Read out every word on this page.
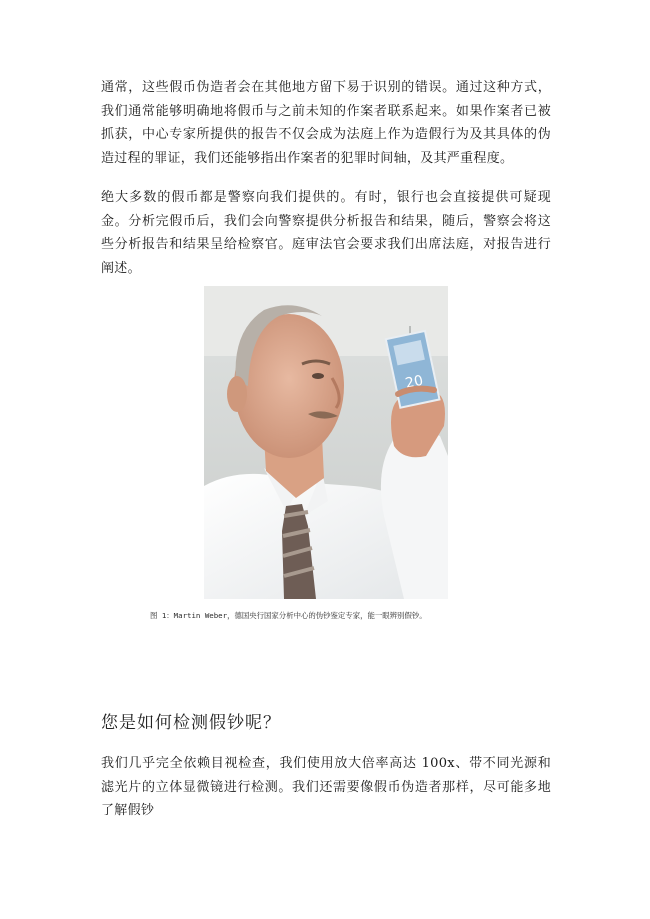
通常，这些假币伪造者会在其他地方留下易于识别的错误。通过这种方式，我们通常能够明确地将假币与之前未知的作案者联系起来。如果作案者已被抓获，中心专家所提供的报告不仅会成为法庭上作为造假行为及其具体的伪造过程的罪证，我们还能够指出作案者的犯罪时间轴，及其严重程度。

绝大多数的假币都是警察向我们提供的。有时，银行也会直接提供可疑现金。分析完假币后，我们会向警察提供分析报告和结果，随后，警察会将这些分析报告和结果呈给检察官。庭审法官会要求我们出席法庭，对报告进行阐述。

20

图 1：Martin Weber，德国央行国家分析中心的伪钞鉴定专家，能一眼辨别假钞。

您是如何检测假钞呢？

我们几乎完全依赖目视检查，我们使用放大倍率高达 100x、带不同光源和滤光片的立体显微镜进行检测。我们还需要像假币伪造者那样，尽可能多地了解假钞
